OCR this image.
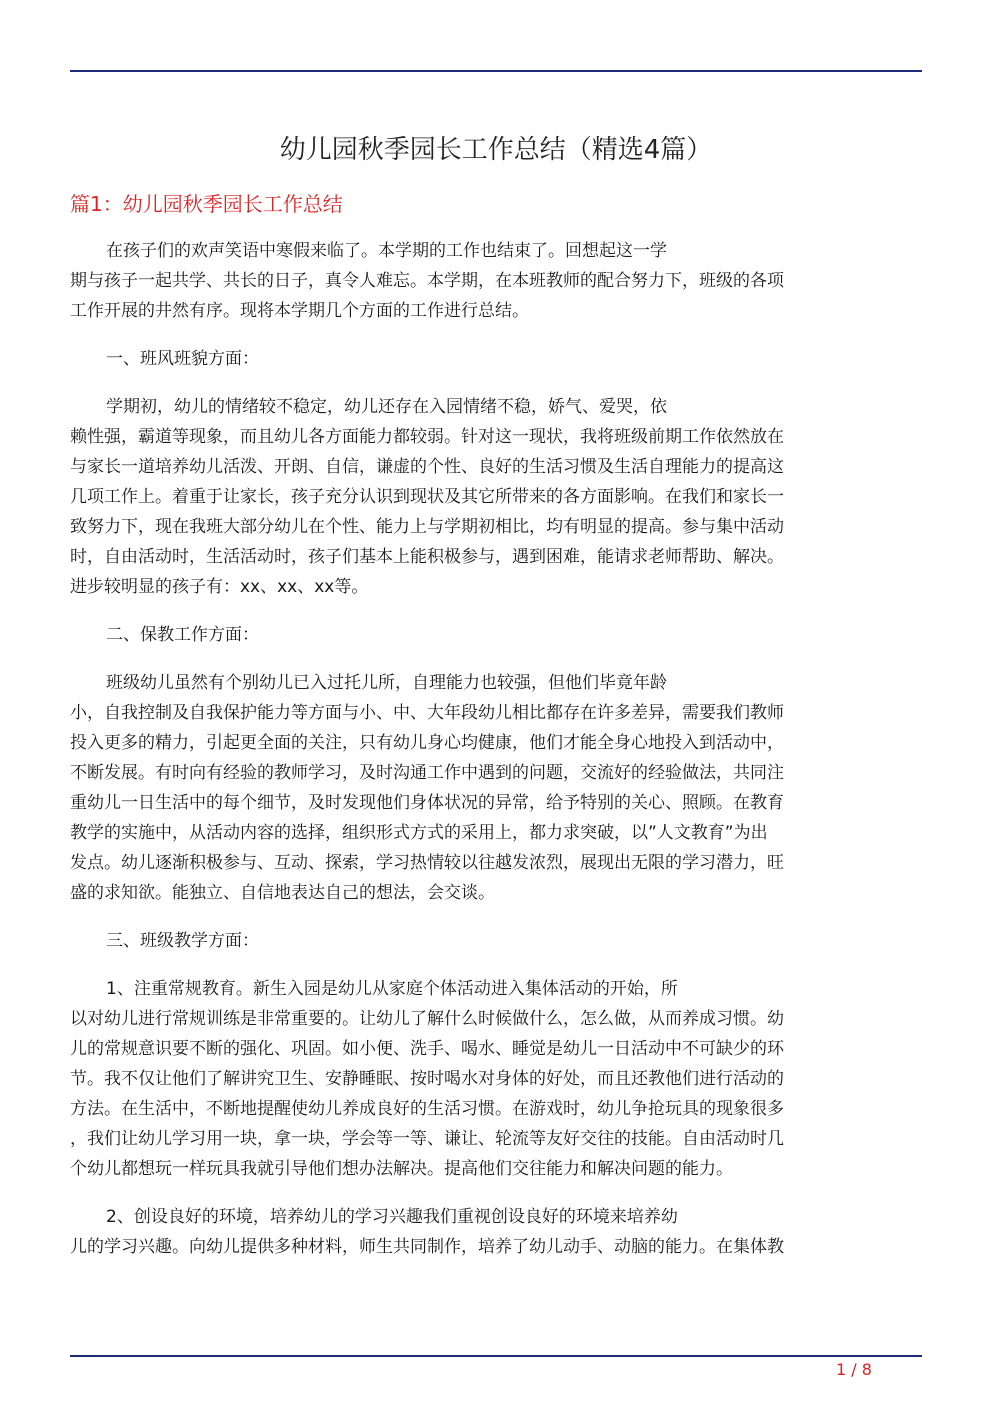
幼儿园秋季园长工作总结（精选4篇）
篇1：幼儿园秋季园长工作总结
在孩子们的欢声笑语中寒假来临了。本学期的工作也结束了。回想起这一学
期与孩子一起共学、共长的日子，真令人难忘。本学期，在本班教师的配合努力下，班级的各项
工作开展的井然有序。现将本学期几个方面的工作进行总结。
一、班风班貌方面：
学期初，幼儿的情绪较不稳定，幼儿还存在入园情绪不稳，娇气、爱哭，依
赖性强，霸道等现象，而且幼儿各方面能力都较弱。针对这一现状，我将班级前期工作依然放在
与家长一道培养幼儿活泼、开朗、自信，谦虚的个性、良好的生活习惯及生活自理能力的提高这
几项工作上。着重于让家长，孩子充分认识到现状及其它所带来的各方面影响。在我们和家长一
致努力下，现在我班大部分幼儿在个性、能力上与学期初相比，均有明显的提高。参与集中活动
时，自由活动时，生活活动时，孩子们基本上能积极参与，遇到困难，能请求老师帮助、解决。
进步较明显的孩子有：xx、xx、xx等。
二、保教工作方面：
班级幼儿虽然有个别幼儿已入过托儿所，自理能力也较强，但他们毕竟年龄
小，自我控制及自我保护能力等方面与小、中、大年段幼儿相比都存在许多差异，需要我们教师
投入更多的精力，引起更全面的关注，只有幼儿身心均健康，他们才能全身心地投入到活动中，
不断发展。有时向有经验的教师学习，及时沟通工作中遇到的问题，交流好的经验做法，共同注
重幼儿一日生活中的每个细节，及时发现他们身体状况的异常，给予特别的关心、照顾。在教育
教学的实施中，从活动内容的选择，组织形式方式的采用上，都力求突破，以”人文教育”为出
发点。幼儿逐渐积极参与、互动、探索，学习热情较以往越发浓烈，展现出无限的学习潜力，旺
盛的求知欲。能独立、自信地表达自己的想法，会交谈。
三、班级教学方面：
1、注重常规教育。新生入园是幼儿从家庭个体活动进入集体活动的开始，所
以对幼儿进行常规训练是非常重要的。让幼儿了解什么时候做什么，怎么做，从而养成习惯。幼
儿的常规意识要不断的强化、巩固。如小便、洗手、喝水、睡觉是幼儿一日活动中不可缺少的环
节。我不仅让他们了解讲究卫生、安静睡眠、按时喝水对身体的好处，而且还教他们进行活动的
方法。在生活中，不断地提醒使幼儿养成良好的生活习惯。在游戏时，幼儿争抢玩具的现象很多
，我们让幼儿学习用一块，拿一块，学会等一等、谦让、轮流等友好交往的技能。自由活动时几
个幼儿都想玩一样玩具我就引导他们想办法解决。提高他们交往能力和解决问题的能力。
2、创设良好的环境，培养幼儿的学习兴趣我们重视创设良好的环境来培养幼
儿的学习兴趣。向幼儿提供多种材料，师生共同制作，培养了幼儿动手、动脑的能力。在集体教
1 / 8
